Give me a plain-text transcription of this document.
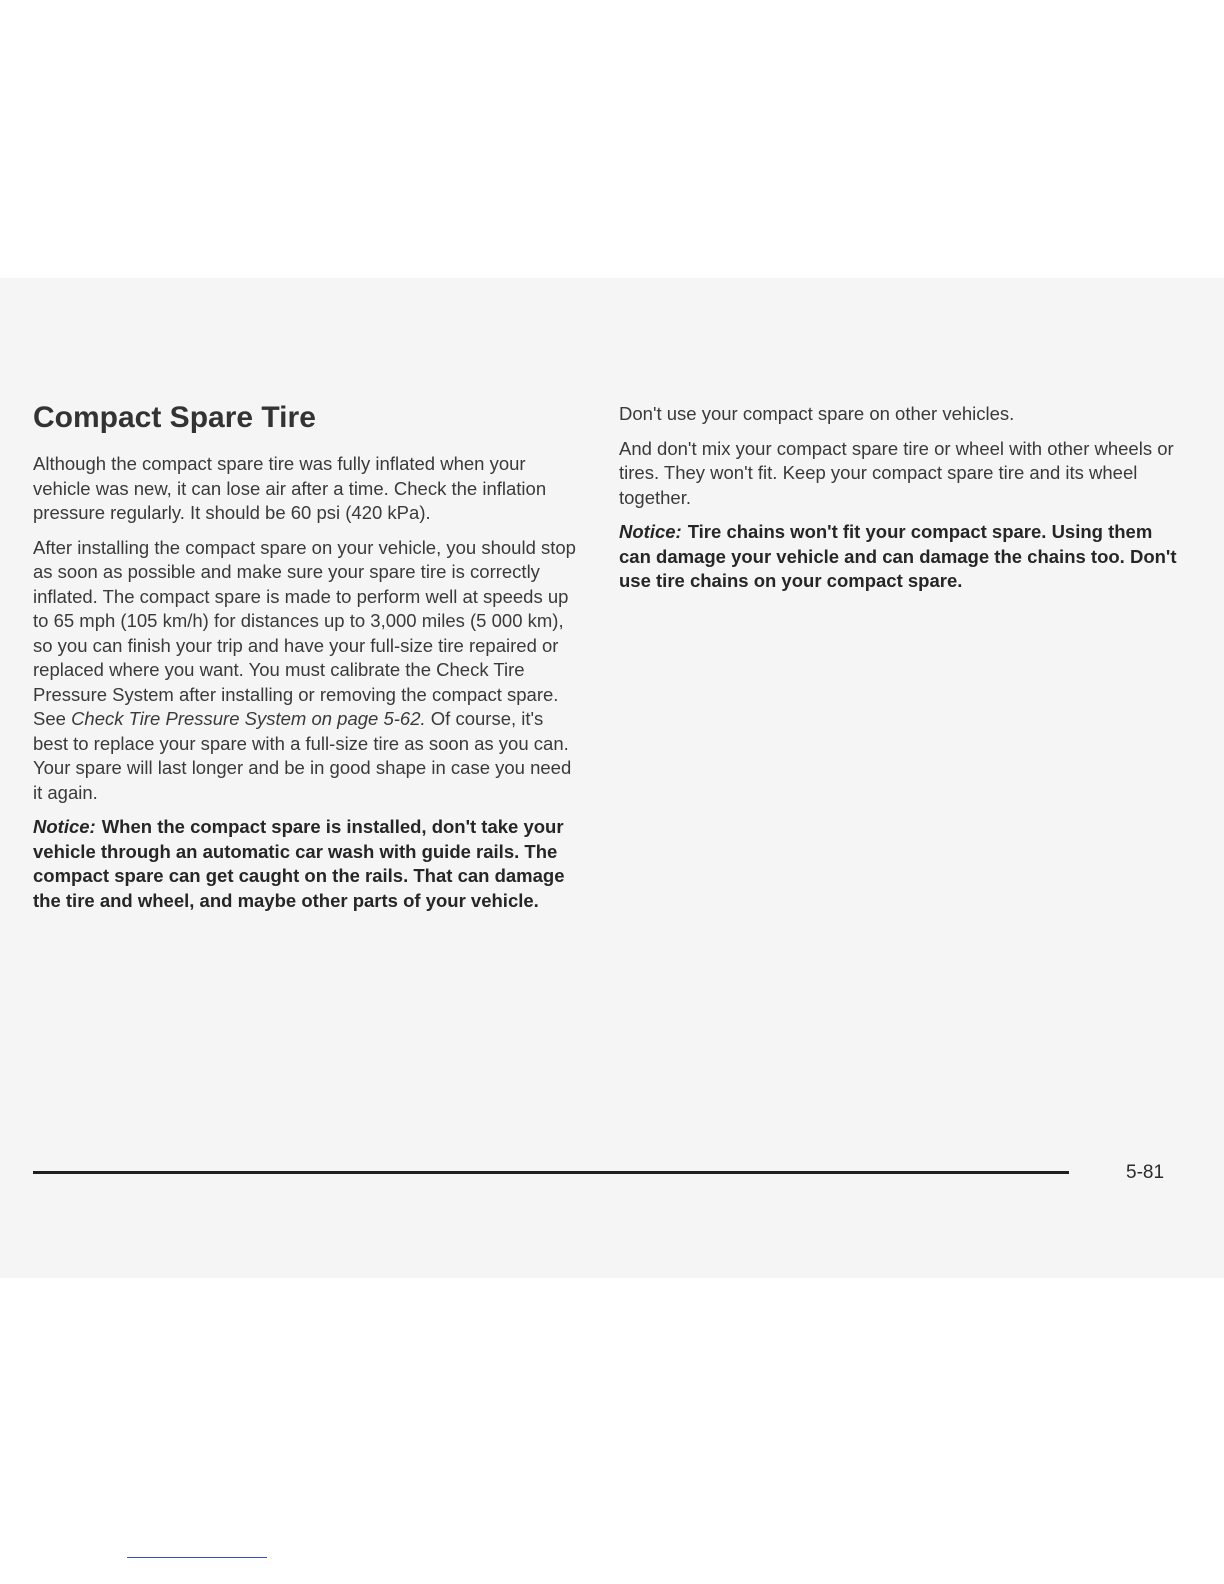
Compact Spare Tire

Although the compact spare tire was fully inflated when your vehicle was new, it can lose air after a time. Check the inflation pressure regularly. It should be 60 psi (420 kPa).

After installing the compact spare on your vehicle, you should stop as soon as possible and make sure your spare tire is correctly inflated. The compact spare is made to perform well at speeds up to 65 mph (105 km/h) for distances up to 3,000 miles (5 000 km), so you can finish your trip and have your full-size tire repaired or replaced where you want. You must calibrate the Check Tire Pressure System after installing or removing the compact spare. See Check Tire Pressure System on page 5-62. Of course, it's best to replace your spare with a full-size tire as soon as you can. Your spare will last longer and be in good shape in case you need it again.

Notice: When the compact spare is installed, don't take your vehicle through an automatic car wash with guide rails. The compact spare can get caught on the rails. That can damage the tire and wheel, and maybe other parts of your vehicle.

Don't use your compact spare on other vehicles.

And don't mix your compact spare tire or wheel with other wheels or tires. They won't fit. Keep your compact spare tire and its wheel together.

Notice: Tire chains won't fit your compact spare. Using them can damage your vehicle and can damage the chains too. Don't use tire chains on your compact spare.

5-81
